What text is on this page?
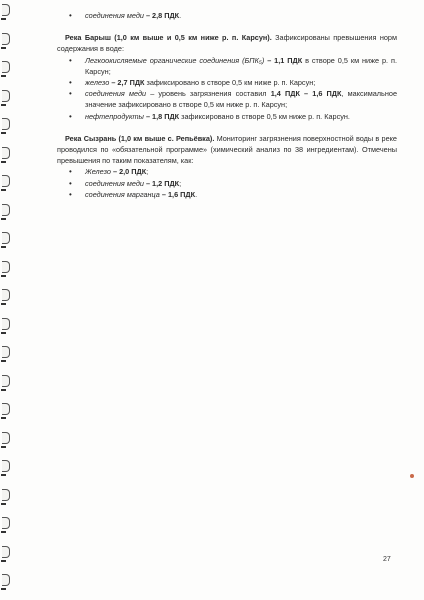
• соединения меди – 2,8 ПДК.

Река Барыш (1,0 км выше и 0,5 км ниже р. п. Карсун). Зафиксированы превышения норм содержания в воде:

• Легкоокисляемые органические соединения (БПК₅) – 1,1 ПДК в створе 0,5 км ниже р. п. Карсун;
• железо – 2,7 ПДК зафиксировано в створе 0,5 км ниже р. п. Карсун;
• соединения меди – уровень загрязнения составил 1,4 ПДК – 1,6 ПДК, максимальное значение зафиксировано в створе 0,5 км ниже р. п. Карсун;
• нефтепродукты – 1,8 ПДК зафиксировано в створе 0,5 км ниже р. п. Карсун.

Река Сызрань (1,0 км выше с. Репьёвка). Мониторинг загрязнения поверхностной воды в реке проводился по «обязательной программе» (химический анализ по 38 ингредиентам). Отмечены превышения по таким показателям, как:

• Железо – 2,0 ПДК;
• соединения меди – 1,2 ПДК;
• соединения марганца – 1,6 ПДК.
27
